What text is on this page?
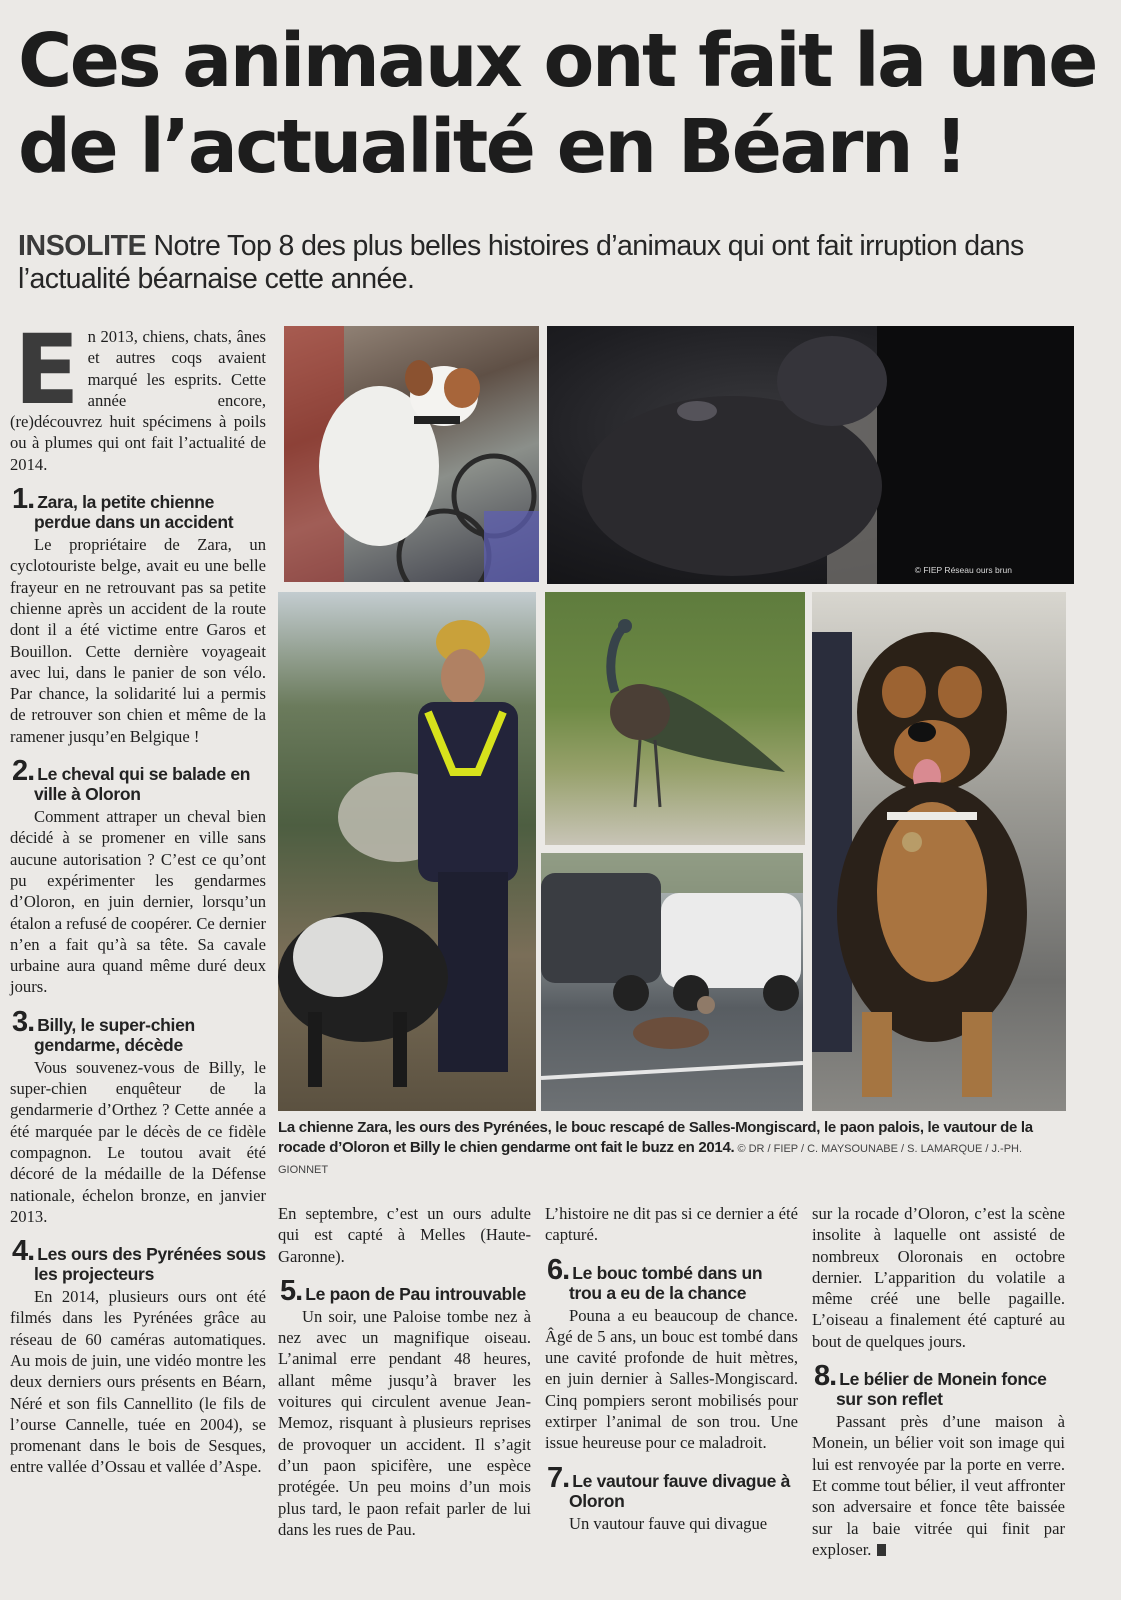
Ces animaux ont fait la une
de l’actualité en Béarn !
INSOLITE Notre Top 8 des plus belles histoires d’animaux qui ont fait irruption dans l’actualité béarnaise cette année.

En 2013, chiens, chats, ânes et autres coqs avaient marqué les esprits. Cette année encore, (re)découvrez huit spécimens à poils ou à plumes qui ont fait l’actualité de 2014.

1. Zara, la petite chienne perdue dans un accident

Le propriétaire de Zara, un cyclotouriste belge, avait eu une belle frayeur en ne retrouvant pas sa petite chienne après un accident de la route dont il a été victime entre Garos et Bouillon. Cette dernière voyageait avec lui, dans le panier de son vélo. Par chance, la solidarité lui a permis de retrouver son chien et même de la ramener jusqu’en Belgique !

2. Le cheval qui se balade en ville à Oloron

Comment attraper un cheval bien décidé à se promener en ville sans aucune autorisation ? C’est ce qu’ont pu expérimenter les gendarmes d’Oloron, en juin dernier, lorsqu’un étalon a refusé de coopérer. Ce dernier n’en a fait qu’à sa tête. Sa cavale urbaine aura quand même duré deux jours.

3. Billy, le super-chien gendarme, décède

Vous souvenez-vous de Billy, le super-chien enquêteur de la gendarmerie d’Orthez ? Cette année a été marquée par le décès de ce fidèle compagnon. Le toutou avait été décoré de la médaille de la Défense nationale, échelon bronze, en janvier 2013.

4. Les ours des Pyrénées sous les projecteurs

En 2014, plusieurs ours ont été filmés dans les Pyrénées grâce au réseau de 60 caméras automatiques. Au mois de juin, une vidéo montre les deux derniers ours présents en Béarn, Néré et son fils Cannellito (le fils de l’ourse Cannelle, tuée en 2004), se promenant dans le bois de Sesques, entre vallée d’Ossau et vallée d’Aspe.

© FIEP Réseau ours brun
La chienne Zara, les ours des Pyrénées, le bouc rescapé de Salles-Mongiscard, le paon palois, le vautour de la rocade d’Oloron et Billy le chien gendarme ont fait le buzz en 2014. © DR / FIEP / C. MAYSOUNABE / S. LAMARQUE / J.-PH. GIONNET

En septembre, c’est un ours adulte qui est capté à Melles (Haute-Garonne).

5. Le paon de Pau introuvable

Un soir, une Paloise tombe nez à nez avec un magnifique oiseau. L’animal erre pendant 48 heures, allant même jusqu’à braver les voitures qui circulent avenue Jean-Memoz, risquant à plusieurs reprises de provoquer un accident. Il s’agit d’un paon spicifère, une espèce protégée. Un peu moins d’un mois plus tard, le paon refait parler de lui dans les rues de Pau.

L’histoire ne dit pas si ce dernier a été capturé.

6. Le bouc tombé dans un trou a eu de la chance

Pouna a eu beaucoup de chance. Âgé de 5 ans, un bouc est tombé dans une cavité profonde de huit mètres, en juin dernier à Salles-Mongiscard. Cinq pompiers seront mobilisés pour extirper l’animal de son trou. Une issue heureuse pour ce maladroit.

7. Le vautour fauve divague à Oloron

Un vautour fauve qui divague

sur la rocade d’Oloron, c’est la scène insolite à laquelle ont assisté de nombreux Oloronais en octobre dernier. L’apparition du volatile a même créé une belle pagaille. L’oiseau a finalement été capturé au bout de quelques jours.

8. Le bélier de Monein fonce sur son reflet

Passant près d’une maison à Monein, un bélier voit son image qui lui est renvoyée par la porte en verre. Et comme tout bélier, il veut affronter son adversaire et fonce tête baissée sur la baie vitrée qui finit par exploser.
